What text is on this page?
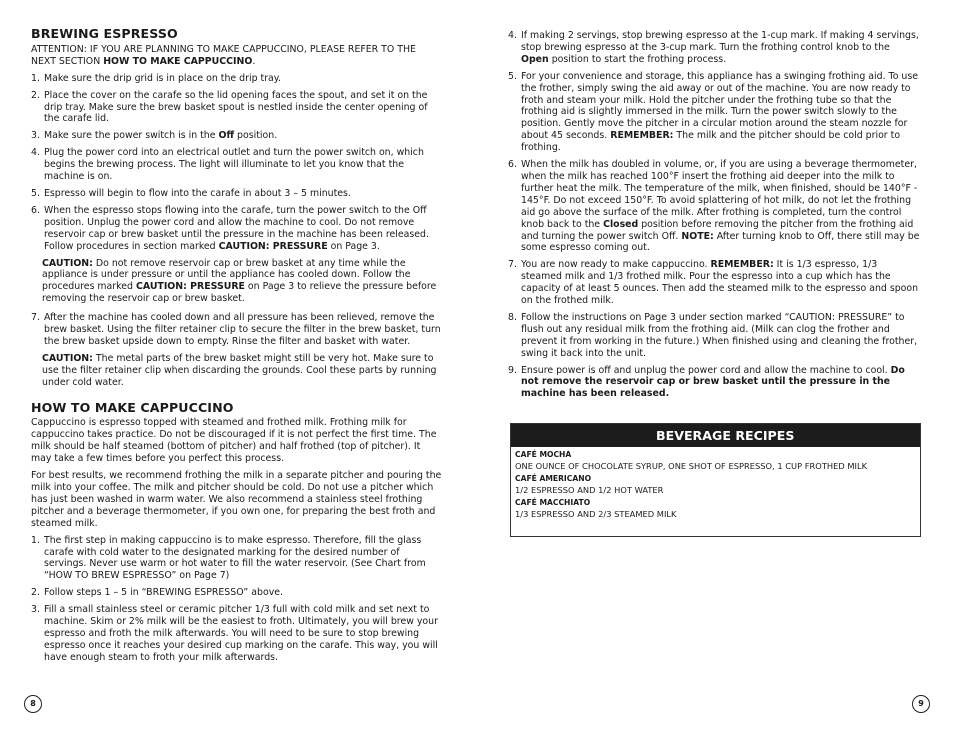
BREWING ESPRESSO

ATTENTION: IF YOU ARE PLANNING TO MAKE CAPPUCCINO, PLEASE REFER TO THE NEXT SECTION HOW TO MAKE CAPPUCCINO.

1. Make sure the drip grid is in place on the drip tray.
2. Place the cover on the carafe so the lid opening faces the spout, and set it on the drip tray. Make sure the brew basket spout is nestled inside the center opening of the carafe lid.
3. Make sure the power switch is in the Off position.
4. Plug the power cord into an electrical outlet and turn the power switch on, which begins the brewing process. The light will illuminate to let you know that the machine is on.
5. Espresso will begin to flow into the carafe in about 3 – 5 minutes.
6. When the espresso stops flowing into the carafe, turn the power switch to the Off position. Unplug the power cord and allow the machine to cool. Do not remove reservoir cap or brew basket until the pressure in the machine has been released. Follow procedures in section marked CAUTION: PRESSURE on Page 3.

CAUTION: Do not remove reservoir cap or brew basket at any time while the appliance is under pressure or until the appliance has cooled down. Follow the procedures marked CAUTION: PRESSURE on Page 3 to relieve the pressure before removing the reservoir cap or brew basket.

7. After the machine has cooled down and all pressure has been relieved, remove the brew basket. Using the filter retainer clip to secure the filter in the brew basket, turn the brew basket upside down to empty. Rinse the filter and basket with water.

CAUTION: The metal parts of the brew basket might still be very hot. Make sure to use the filter retainer clip when discarding the grounds. Cool these parts by running under cold water.

HOW TO MAKE CAPPUCCINO

Cappuccino is espresso topped with steamed and frothed milk. Frothing milk for cappuccino takes practice. Do not be discouraged if it is not perfect the first time. The milk should be half steamed (bottom of pitcher) and half frothed (top of pitcher). It may take a few times before you perfect this process.

For best results, we recommend frothing the milk in a separate pitcher and pouring the milk into your coffee. The milk and pitcher should be cold. Do not use a pitcher which has just been washed in warm water. We also recommend a stainless steel frothing pitcher and a beverage thermometer, if you own one, for preparing the best froth and steamed milk.

1. The first step in making cappuccino is to make espresso. Therefore, fill the glass carafe with cold water to the designated marking for the desired number of servings. Never use warm or hot water to fill the water reservoir. (See Chart from “HOW TO BREW ESPRESSO” on Page 7)
2. Follow steps 1 – 5 in “BREWING ESPRESSO” above.
3. Fill a small stainless steel or ceramic pitcher 1/3 full with cold milk and set next to machine. Skim or 2% milk will be the easiest to froth. Ultimately, you will brew your espresso and froth the milk afterwards. You will need to be sure to stop brewing espresso once it reaches your desired cup marking on the carafe. This way, you will have enough steam to froth your milk afterwards.
4. If making 2 servings, stop brewing espresso at the 1-cup mark. If making 4 servings, stop brewing espresso at the 3-cup mark. Turn the frothing control knob to the Open position to start the frothing process.
5. For your convenience and storage, this appliance has a swinging frothing aid. To use the frother, simply swing the aid away or out of the machine. You are now ready to froth and steam your milk. Hold the pitcher under the frothing tube so that the frothing aid is slightly immersed in the milk. Turn the power switch slowly to the position. Gently move the pitcher in a circular motion around the steam nozzle for about 45 seconds. REMEMBER: The milk and the pitcher should be cold prior to frothing.
6. When the milk has doubled in volume, or, if you are using a beverage thermometer, when the milk has reached 100°F insert the frothing aid deeper into the milk to further heat the milk. The temperature of the milk, when finished, should be 140°F - 145°F. Do not exceed 150°F. To avoid splattering of hot milk, do not let the frothing aid go above the surface of the milk. After frothing is completed, turn the control knob back to the Closed position before removing the pitcher from the frothing aid and turning the power switch Off. NOTE: After turning knob to Off, there still may be some espresso coming out.
7. You are now ready to make cappuccino. REMEMBER: It is 1/3 espresso, 1/3 steamed milk and 1/3 frothed milk. Pour the espresso into a cup which has the capacity of at least 5 ounces. Then add the steamed milk to the espresso and spoon on the frothed milk.
8. Follow the instructions on Page 3 under section marked “CAUTION: PRESSURE” to flush out any residual milk from the frothing aid. (Milk can clog the frother and prevent it from working in the future.) When finished using and cleaning the frother, swing it back into the unit.
9. Ensure power is off and unplug the power cord and allow the machine to cool. Do not remove the reservoir cap or brew basket until the pressure in the machine has been released.
BEVERAGE RECIPES
CAFÉ MOCHA
ONE OUNCE OF CHOCOLATE SYRUP, ONE SHOT OF ESPRESSO, 1 CUP FROTHED MILK
CAFÉ AMERICANO
1/2 ESPRESSO AND 1/2 HOT WATER
CAFÉ MACCHIATO
1/3 ESPRESSO AND 2/3 STEAMED MILK
8	9
